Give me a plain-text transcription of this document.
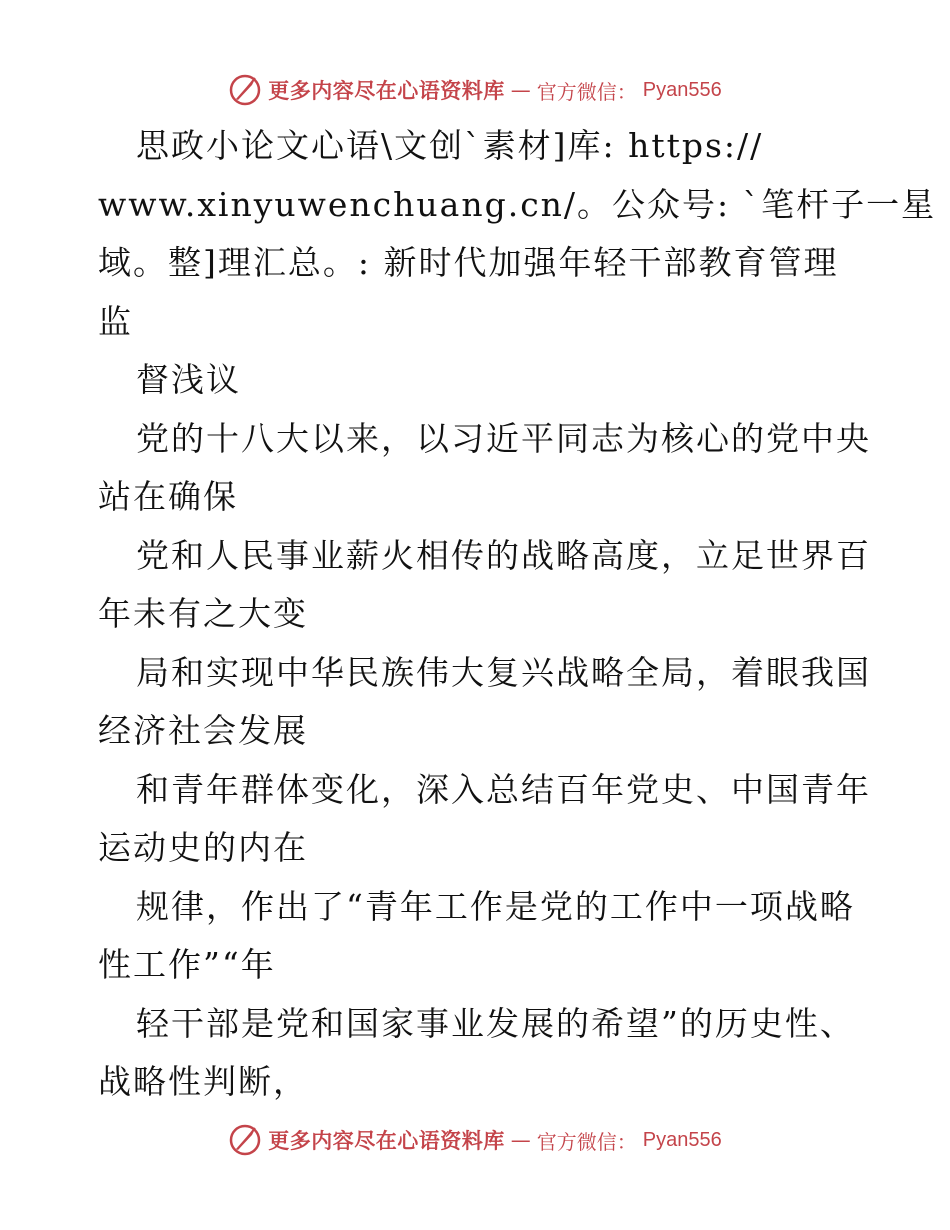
更多内容尽在心语资料库 — 官方微信： Pyan556
思政小论文心语\文创`素材]库: https://
www.xinyuwenchuang.cn/。公众号: `笔杆子一星
域。整]理汇总。: 新时代加强年轻干部教育管理
监
督浅议
党的十八大以来，以习近平同志为核心的党中央
站在确保
党和人民事业薪火相传的战略高度，立足世界百
年未有之大变
局和实现中华民族伟大复兴战略全局，着眼我国
经济社会发展
和青年群体变化，深入总结百年党史、中国青年
运动史的内在
规律，作出了“青年工作是党的工作中一项战略
性工作”“年
轻干部是党和国家事业发展的希望”的历史性、
战略性判断，
更多内容尽在心语资料库 — 官方微信： Pyan556
